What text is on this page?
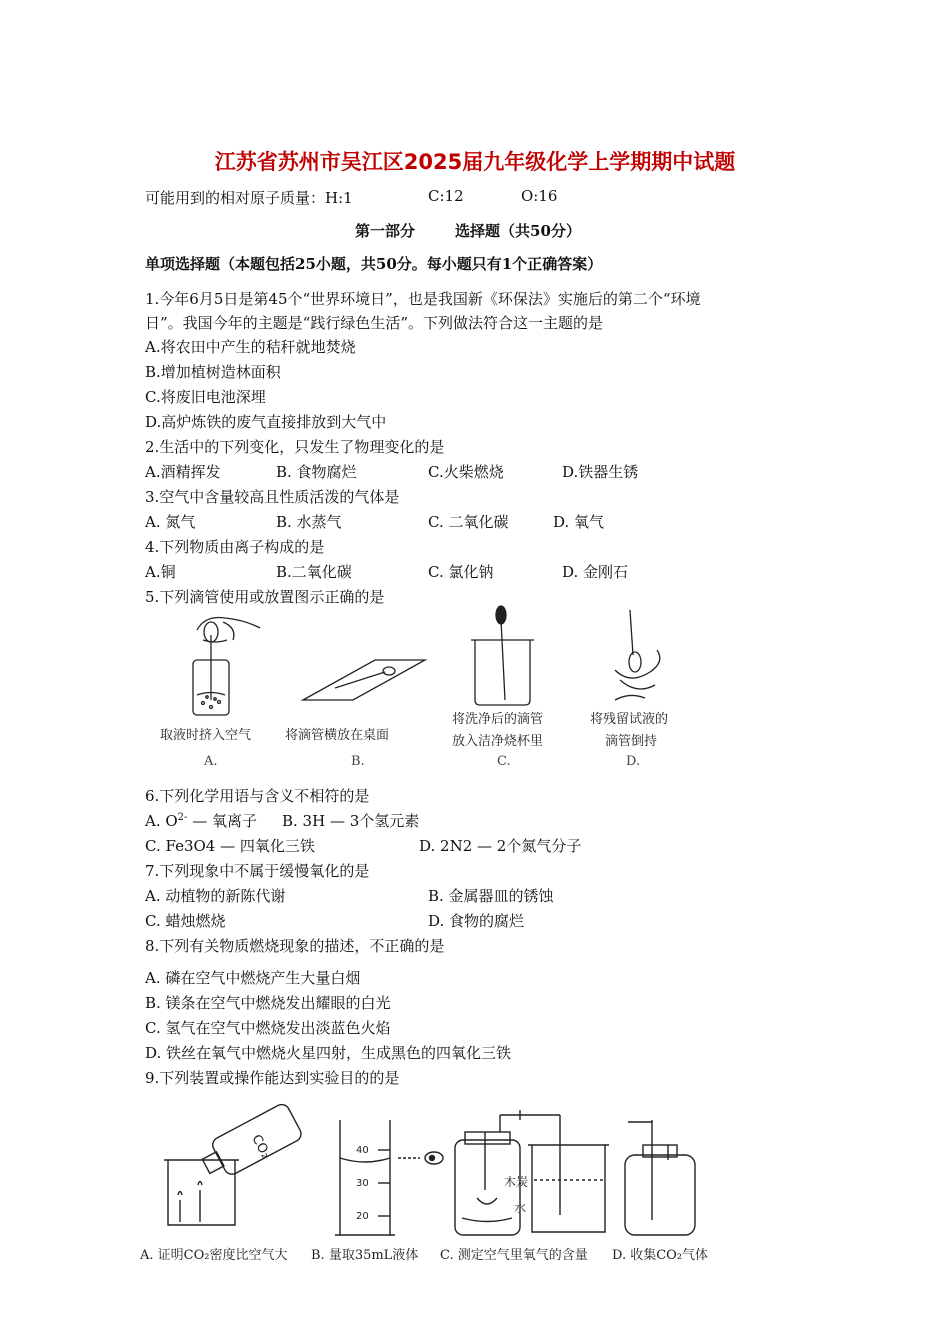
江苏省苏州市吴江区2025届九年级化学上学期期中试题
可能用到的相对原子质量：H:1	C:12	O:16
第一部分	选择题（共50分）
单项选择题（本题包括25小题，共50分。每小题只有1个正确答案）
1.今年6月5日是第45个“世界环境日”，也是我国新《环保法》实施后的第二个“环境
日”。我国今年的主题是“践行绿色生活”。下列做法符合这一主题的是
A.将农田中产生的秸秆就地焚烧
B.增加植树造林面积
C.将废旧电池深埋
D.高炉炼铁的废气直接排放到大气中
2.生活中的下列变化，只发生了物理变化的是
A.酒精挥发	B. 食物腐烂	C.火柴燃烧	D.铁器生锈
3.空气中含量较高且性质活泼的气体是
A. 氮气	B. 水蒸气	C. 二氧化碳	D. 氧气
4.下列物质由离子构成的是
A.铜	B.二氧化碳	C. 氯化钠	D. 金刚石
5.下列滴管使用或放置图示正确的是
取液时挤入空气	将滴管横放在桌面
将洗净后的滴管
放入洁净烧杯里
将残留试液的
滴管倒持
A.	B.	C.	D.
6.下列化学用语与含义不相符的是
A. $O^{2-}$ — 氧离子 B. 3H — 3个氢元素
C. Fe3O4 — 四氧化三铁	D. 2N2 — 2个氮气分子
7.下列现象中不属于缓慢氧化的是
A. 动植物的新陈代谢	B. 金属器皿的锈蚀
C. 蜡烛燃烧	D. 食物的腐烂
8.下列有关物质燃烧现象的描述，不正确的是
A. 磷在空气中燃烧产生大量白烟
B. 镁条在空气中燃烧发出耀眼的白光
C. 氢气在空气中燃烧发出淡蓝色火焰
D. 铁丝在氧气中燃烧火星四射，生成黑色的四氧化三铁
9.下列装置或操作能达到实验目的的是
CO₂	40
30
20
木炭
水
A. 证明CO₂密度比空气大 B. 量取35mL液体 C. 测定空气里氧气的含量 D. 收集CO₂气体
